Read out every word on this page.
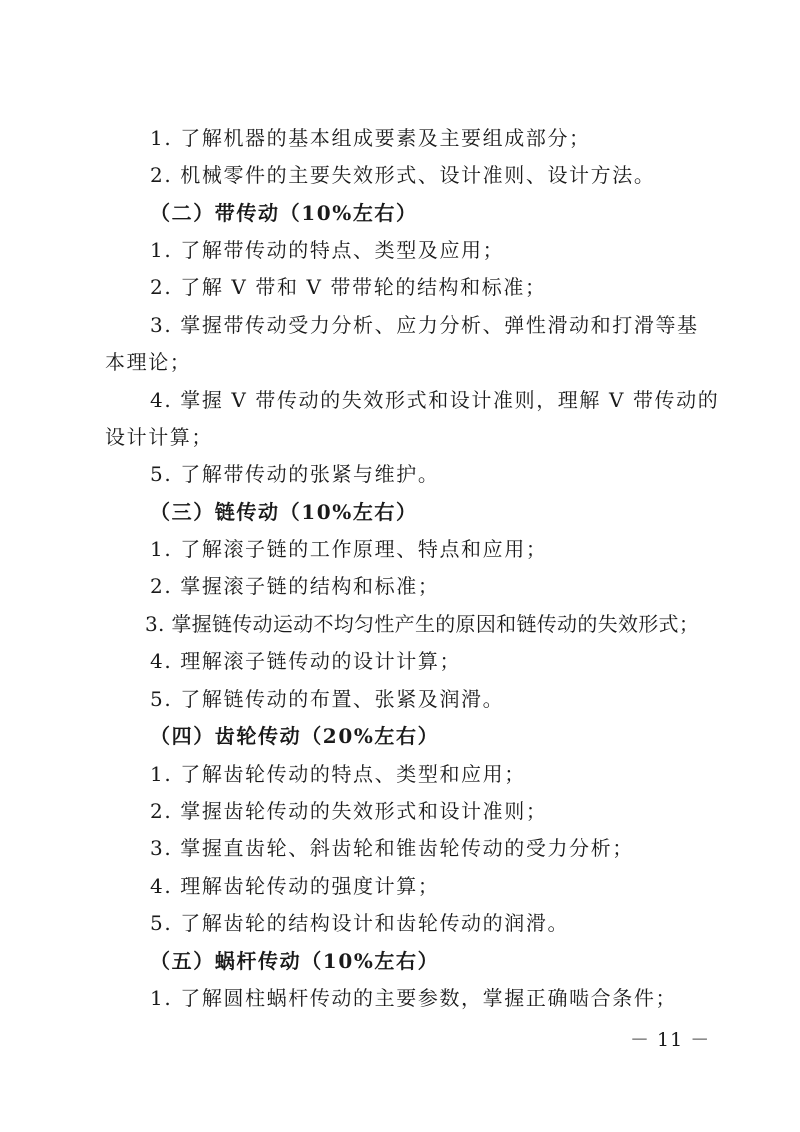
1. 了解机器的基本组成要素及主要组成部分；
2. 机械零件的主要失效形式、设计准则、设计方法。
（二）带传动（10%左右）
1. 了解带传动的特点、类型及应用；
2. 了解 V 带和 V 带带轮的结构和标准；
3. 掌握带传动受力分析、应力分析、弹性滑动和打滑等基
本理论；
4. 掌握 V 带传动的失效形式和设计准则，理解 V 带传动的
设计计算；
5. 了解带传动的张紧与维护。
（三）链传动（10%左右）
1. 了解滚子链的工作原理、特点和应用；
2. 掌握滚子链的结构和标准；
3. 掌握链传动运动不均匀性产生的原因和链传动的失效形式；
4. 理解滚子链传动的设计计算；
5. 了解链传动的布置、张紧及润滑。
（四）齿轮传动（20%左右）
1. 了解齿轮传动的特点、类型和应用；
2. 掌握齿轮传动的失效形式和设计准则；
3. 掌握直齿轮、斜齿轮和锥齿轮传动的受力分析；
4. 理解齿轮传动的强度计算；
5. 了解齿轮的结构设计和齿轮传动的润滑。
（五）蜗杆传动（10%左右）
1. 了解圆柱蜗杆传动的主要参数，掌握正确啮合条件；
－ 11 －
